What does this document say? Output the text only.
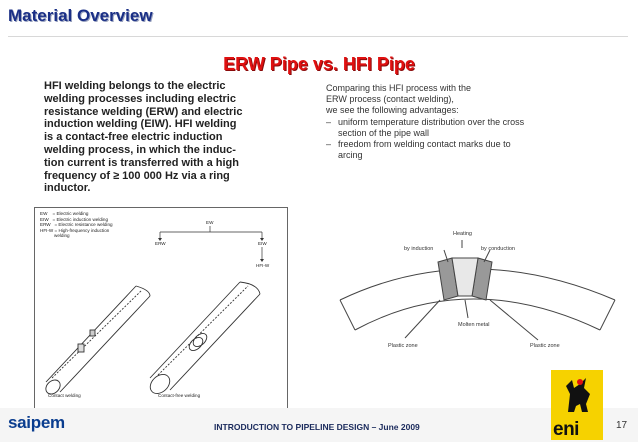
Material Overview
ERW Pipe vs. HFI Pipe
HFI welding belongs to the electric
welding processes including electric
resistance welding (ERW) and electric
induction welding (EIW). HFI welding
is a contact-free electric induction
welding process, in which the induc-
tion current is transferred with a high
frequency of ≥ 100 000 Hz via a ring
inductor.
Comparing this HFI process with the
ERW process (contact welding),
we see the following advantages:
– uniform temperature distribution over the cross section of the pipe wall
– freedom from welding contact marks due to arcing
EW    = Electric welding
EIW   = Electric induction welding
ERW   = Electric resistance welding
HFI-W = High-frequency induction
welding
EW
ERW	EIW
HFI-W
Contact welding	Contact-free welding
Heating
by induction	by conduction
Molten metal
Plastic zone	Plastic zone
saipem	INTRODUCTION TO PIPELINE DESIGN – June 2009	eni	17
